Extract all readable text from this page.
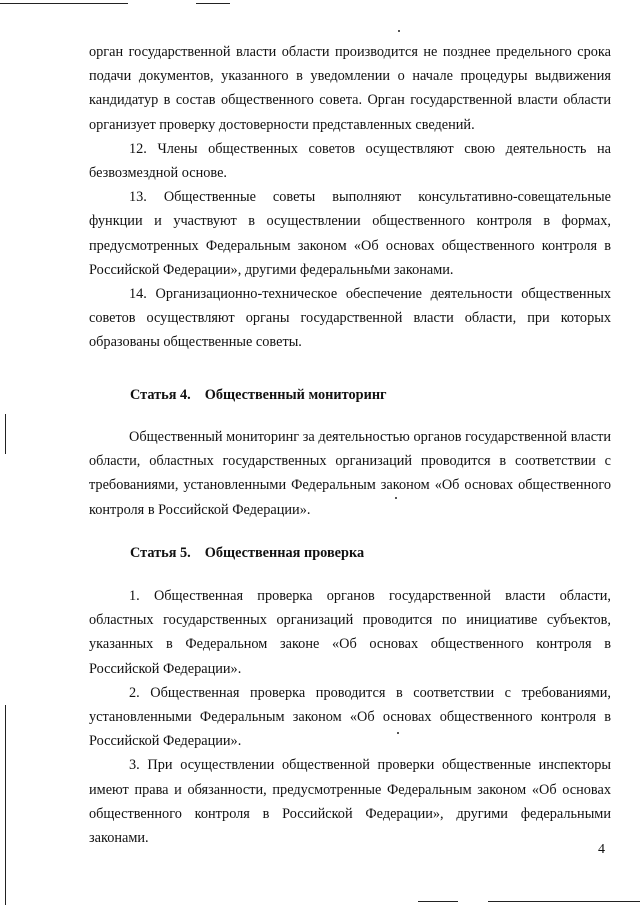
орган государственной власти области производится не позднее предельного срока подачи документов, указанного в уведомлении о начале процедуры выдвижения кандидатур в состав общественного совета. Орган государственной власти области организует проверку достоверности представленных сведений.

12. Члены общественных советов осуществляют свою деятельность на безвозмездной основе.

13. Общественные советы выполняют консультативно-совещательные функции и участвуют в осуществлении общественного контроля в формах, предусмотренных Федеральным законом «Об основах общественного контроля в Российской Федерации», другими федеральными законами.

14. Организационно-техническое обеспечение деятельности общественных советов осуществляют органы государственной власти области, при которых образованы общественные советы.

Статья 4. Общественный мониторинг

Общественный мониторинг за деятельностью органов государственной власти области, областных государственных организаций проводится в соответствии с требованиями, установленными Федеральным законом «Об основах общественного контроля в Российской Федерации».

Статья 5. Общественная проверка

1. Общественная проверка органов государственной власти области, областных государственных организаций проводится по инициативе субъектов, указанных в Федеральном законе «Об основах общественного контроля в Российской Федерации».

2. Общественная проверка проводится в соответствии с требованиями, установленными Федеральным законом «Об основах общественного контроля в Российской Федерации».

3. При осуществлении общественной проверки общественные инспекторы имеют права и обязанности, предусмотренные Федеральным законом «Об основах общественного контроля в Российской Федерации», другими федеральными законами.

4
